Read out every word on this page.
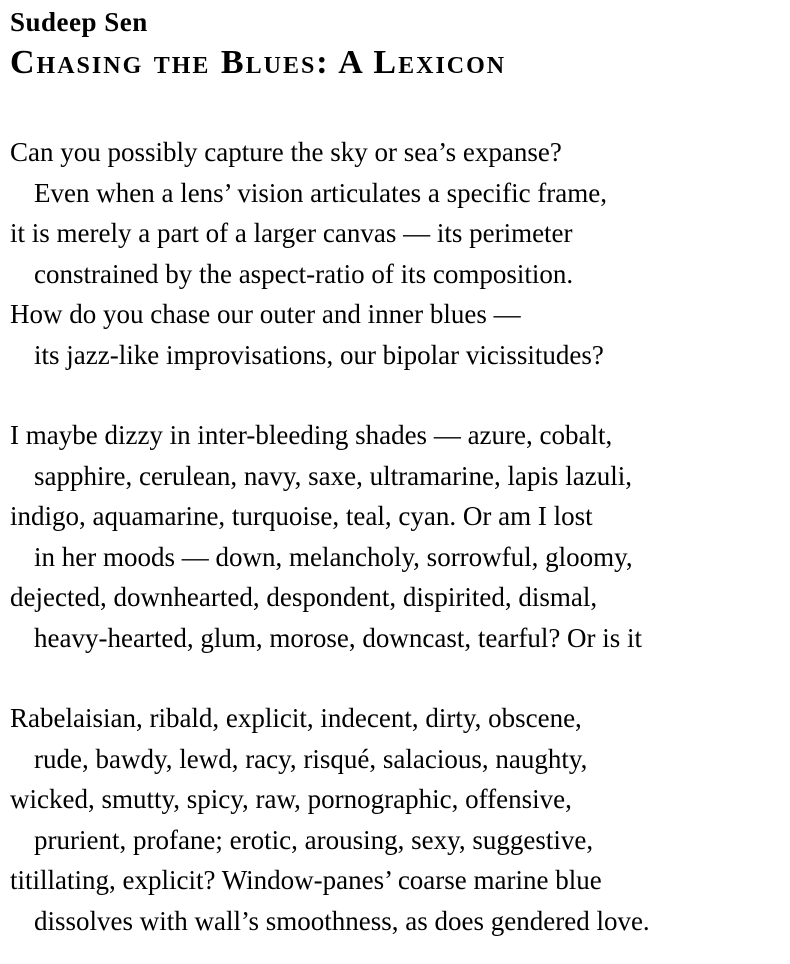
Sudeep Sen
Chasing the Blues: A Lexicon
Can you possibly capture the sky or sea’s expanse?
Even when a lens’ vision articulates a specific frame,
it is merely a part of a larger canvas — its perimeter
constrained by the aspect-ratio of its composition.
How do you chase our outer and inner blues —
its jazz-like improvisations, our bipolar vicissitudes?
I maybe dizzy in inter-bleeding shades — azure, cobalt,
sapphire, cerulean, navy, saxe, ultramarine, lapis lazuli,
indigo, aquamarine, turquoise, teal, cyan. Or am I lost
in her moods — down, melancholy, sorrowful, gloomy,
dejected, downhearted, despondent, dispirited, dismal,
heavy-hearted, glum, morose, downcast, tearful? Or is it
Rabelaisian, ribald, explicit, indecent, dirty, obscene,
rude, bawdy, lewd, racy, risqué, salacious, naughty,
wicked, smutty, spicy, raw, pornographic, offensive,
prurient, profane; erotic, arousing, sexy, suggestive,
titillating, explicit? Window-panes’ coarse marine blue
dissolves with wall’s smoothness, as does gendered love.
